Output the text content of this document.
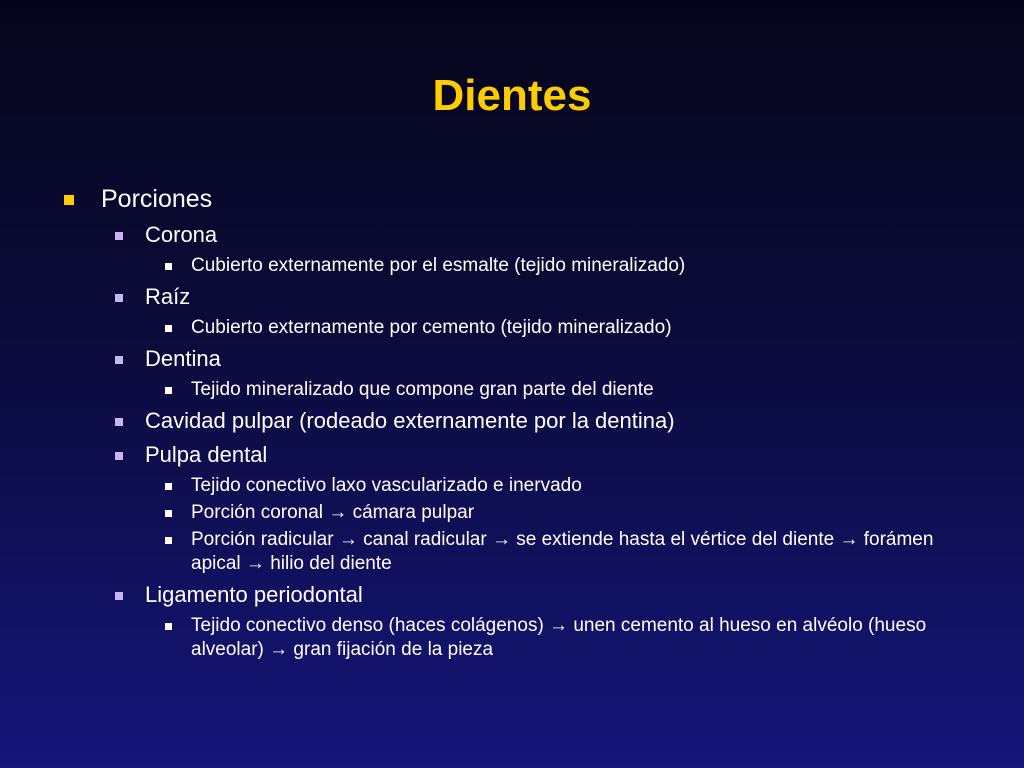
Dientes
Porciones
Corona
Cubierto externamente por el esmalte (tejido mineralizado)
Raíz
Cubierto externamente por cemento (tejido mineralizado)
Dentina
Tejido mineralizado que compone gran parte del diente
Cavidad pulpar (rodeado externamente por la dentina)
Pulpa dental
Tejido conectivo laxo vascularizado e inervado
Porción coronal → cámara pulpar
Porción radicular → canal radicular → se extiende hasta el vértice del diente → forámen apical → hilio del diente
Ligamento periodontal
Tejido conectivo denso (haces colágenos) → unen cemento al hueso en alvéolo (hueso alveolar) → gran fijación de la pieza
